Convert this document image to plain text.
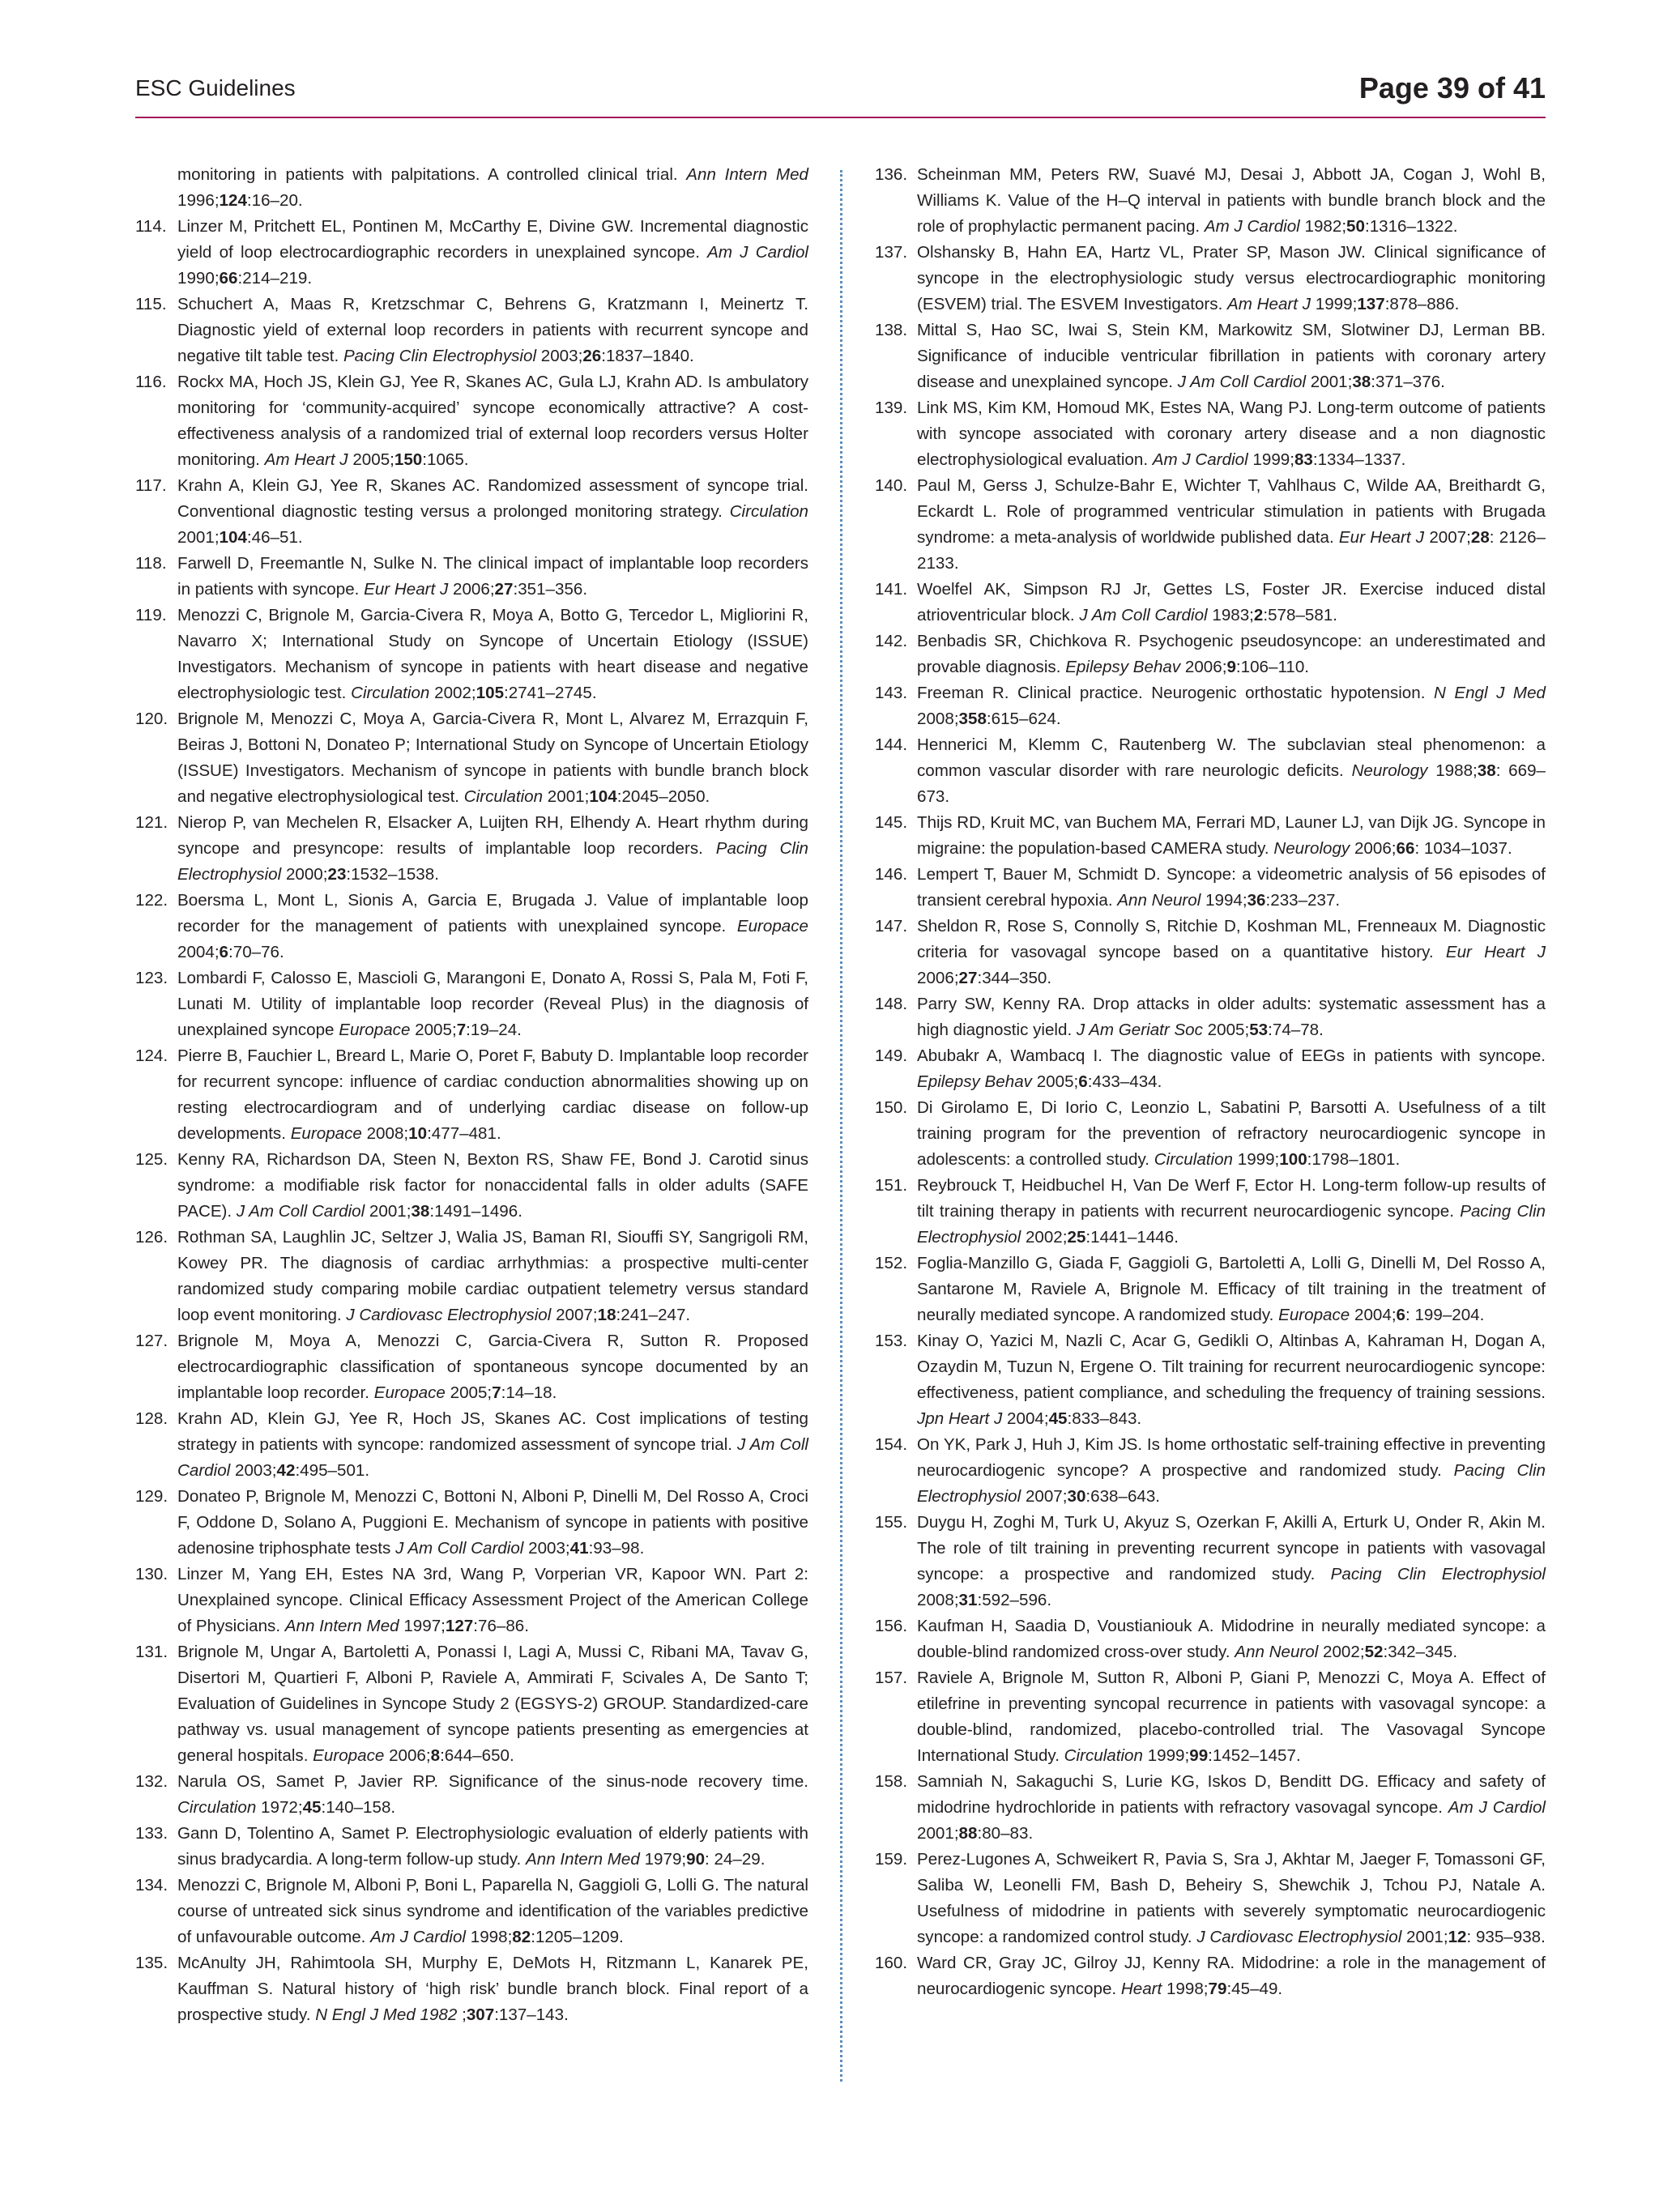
ESC Guidelines	Page 39 of 41

monitoring in patients with palpitations. A controlled clinical trial. Ann Intern Med 1996;124:16–20.

114. Linzer M, Pritchett EL, Pontinen M, McCarthy E, Divine GW. Incremental diagnostic yield of loop electrocardiographic recorders in unexplained syncope. Am J Cardiol 1990;66:214–219.

115. Schuchert A, Maas R, Kretzschmar C, Behrens G, Kratzmann I, Meinertz T. Diagnostic yield of external loop recorders in patients with recurrent syncope and negative tilt table test. Pacing Clin Electrophysiol 2003;26:1837–1840.

116. Rockx MA, Hoch JS, Klein GJ, Yee R, Skanes AC, Gula LJ, Krahn AD. Is ambulatory monitoring for ‘community-acquired’ syncope economically attractive? A cost-effectiveness analysis of a randomized trial of external loop recorders versus Holter monitoring. Am Heart J 2005;150:1065.

117. Krahn A, Klein GJ, Yee R, Skanes AC. Randomized assessment of syncope trial. Conventional diagnostic testing versus a prolonged monitoring strategy. Circulation 2001;104:46–51.

118. Farwell D, Freemantle N, Sulke N. The clinical impact of implantable loop recorders in patients with syncope. Eur Heart J 2006;27:351–356.

119. Menozzi C, Brignole M, Garcia-Civera R, Moya A, Botto G, Tercedor L, Migliorini R, Navarro X; International Study on Syncope of Uncertain Etiology (ISSUE) Investigators. Mechanism of syncope in patients with heart disease and negative electrophysiologic test. Circulation 2002;105:2741–2745.

120. Brignole M, Menozzi C, Moya A, Garcia-Civera R, Mont L, Alvarez M, Errazquin F, Beiras J, Bottoni N, Donateo P; International Study on Syncope of Uncertain Etiology (ISSUE) Investigators. Mechanism of syncope in patients with bundle branch block and negative electrophysiological test. Circulation 2001;104:2045–2050.

121. Nierop P, van Mechelen R, Elsacker A, Luijten RH, Elhendy A. Heart rhythm during syncope and presyncope: results of implantable loop recorders. Pacing Clin Electrophysiol 2000;23:1532–1538.

122. Boersma L, Mont L, Sionis A, Garcia E, Brugada J. Value of implantable loop recorder for the management of patients with unexplained syncope. Europace 2004;6:70–76.

123. Lombardi F, Calosso E, Mascioli G, Marangoni E, Donato A, Rossi S, Pala M, Foti F, Lunati M. Utility of implantable loop recorder (Reveal Plus) in the diagnosis of unexplained syncope Europace 2005;7:19–24.

124. Pierre B, Fauchier L, Breard L, Marie O, Poret F, Babuty D. Implantable loop recorder for recurrent syncope: influence of cardiac conduction abnormalities showing up on resting electrocardiogram and of underlying cardiac disease on follow-up developments. Europace 2008;10:477–481.

125. Kenny RA, Richardson DA, Steen N, Bexton RS, Shaw FE, Bond J. Carotid sinus syndrome: a modifiable risk factor for nonaccidental falls in older adults (SAFE PACE). J Am Coll Cardiol 2001;38:1491–1496.

126. Rothman SA, Laughlin JC, Seltzer J, Walia JS, Baman RI, Siouffi SY, Sangrigoli RM, Kowey PR. The diagnosis of cardiac arrhythmias: a prospective multi-center randomized study comparing mobile cardiac outpatient telemetry versus standard loop event monitoring. J Cardiovasc Electrophysiol 2007;18:241–247.

127. Brignole M, Moya A, Menozzi C, Garcia-Civera R, Sutton R. Proposed electrocardiographic classification of spontaneous syncope documented by an implantable loop recorder. Europace 2005;7:14–18.

128. Krahn AD, Klein GJ, Yee R, Hoch JS, Skanes AC. Cost implications of testing strategy in patients with syncope: randomized assessment of syncope trial. J Am Coll Cardiol 2003;42:495–501.

129. Donateo P, Brignole M, Menozzi C, Bottoni N, Alboni P, Dinelli M, Del Rosso A, Croci F, Oddone D, Solano A, Puggioni E. Mechanism of syncope in patients with positive adenosine triphosphate tests J Am Coll Cardiol 2003;41:93–98.

130. Linzer M, Yang EH, Estes NA 3rd, Wang P, Vorperian VR, Kapoor WN. Part 2: Unexplained syncope. Clinical Efficacy Assessment Project of the American College of Physicians. Ann Intern Med 1997;127:76–86.

131. Brignole M, Ungar A, Bartoletti A, Ponassi I, Lagi A, Mussi C, Ribani MA, Tavav G, Disertori M, Quartieri F, Alboni P, Raviele A, Ammirati F, Scivales A, De Santo T; Evaluation of Guidelines in Syncope Study 2 (EGSYS-2) GROUP. Standardized-care pathway vs. usual management of syncope patients presenting as emergencies at general hospitals. Europace 2006;8:644–650.

132. Narula OS, Samet P, Javier RP. Significance of the sinus-node recovery time. Circulation 1972;45:140–158.

133. Gann D, Tolentino A, Samet P. Electrophysiologic evaluation of elderly patients with sinus bradycardia. A long-term follow-up study. Ann Intern Med 1979;90: 24–29.

134. Menozzi C, Brignole M, Alboni P, Boni L, Paparella N, Gaggioli G, Lolli G. The natural course of untreated sick sinus syndrome and identification of the variables predictive of unfavourable outcome. Am J Cardiol 1998;82:1205–1209.

135. McAnulty JH, Rahimtoola SH, Murphy E, DeMots H, Ritzmann L, Kanarek PE, Kauffman S. Natural history of ‘high risk’ bundle branch block. Final report of a prospective study. N Engl J Med 1982 ;307:137–143.

136. Scheinman MM, Peters RW, Suavé MJ, Desai J, Abbott JA, Cogan J, Wohl B, Williams K. Value of the H–Q interval in patients with bundle branch block and the role of prophylactic permanent pacing. Am J Cardiol 1982;50:1316–1322.

137. Olshansky B, Hahn EA, Hartz VL, Prater SP, Mason JW. Clinical significance of syncope in the electrophysiologic study versus electrocardiographic monitoring (ESVEM) trial. The ESVEM Investigators. Am Heart J 1999;137:878–886.

138. Mittal S, Hao SC, Iwai S, Stein KM, Markowitz SM, Slotwiner DJ, Lerman BB. Significance of inducible ventricular fibrillation in patients with coronary artery disease and unexplained syncope. J Am Coll Cardiol 2001;38:371–376.

139. Link MS, Kim KM, Homoud MK, Estes NA, Wang PJ. Long-term outcome of patients with syncope associated with coronary artery disease and a non diagnostic electrophysiological evaluation. Am J Cardiol 1999;83:1334–1337.

140. Paul M, Gerss J, Schulze-Bahr E, Wichter T, Vahlhaus C, Wilde AA, Breithardt G, Eckardt L. Role of programmed ventricular stimulation in patients with Brugada syndrome: a meta-analysis of worldwide published data. Eur Heart J 2007;28: 2126–2133.

141. Woelfel AK, Simpson RJ Jr, Gettes LS, Foster JR. Exercise induced distal atrioventricular block. J Am Coll Cardiol 1983;2:578–581.

142. Benbadis SR, Chichkova R. Psychogenic pseudosyncope: an underestimated and provable diagnosis. Epilepsy Behav 2006;9:106–110.

143. Freeman R. Clinical practice. Neurogenic orthostatic hypotension. N Engl J Med 2008;358:615–624.

144. Hennerici M, Klemm C, Rautenberg W. The subclavian steal phenomenon: a common vascular disorder with rare neurologic deficits. Neurology 1988;38: 669–673.

145. Thijs RD, Kruit MC, van Buchem MA, Ferrari MD, Launer LJ, van Dijk JG. Syncope in migraine: the population-based CAMERA study. Neurology 2006;66: 1034–1037.

146. Lempert T, Bauer M, Schmidt D. Syncope: a videometric analysis of 56 episodes of transient cerebral hypoxia. Ann Neurol 1994;36:233–237.

147. Sheldon R, Rose S, Connolly S, Ritchie D, Koshman ML, Frenneaux M. Diagnostic criteria for vasovagal syncope based on a quantitative history. Eur Heart J 2006;27:344–350.

148. Parry SW, Kenny RA. Drop attacks in older adults: systematic assessment has a high diagnostic yield. J Am Geriatr Soc 2005;53:74–78.

149. Abubakr A, Wambacq I. The diagnostic value of EEGs in patients with syncope. Epilepsy Behav 2005;6:433–434.

150. Di Girolamo E, Di Iorio C, Leonzio L, Sabatini P, Barsotti A. Usefulness of a tilt training program for the prevention of refractory neurocardiogenic syncope in adolescents: a controlled study. Circulation 1999;100:1798–1801.

151. Reybrouck T, Heidbuchel H, Van De Werf F, Ector H. Long-term follow-up results of tilt training therapy in patients with recurrent neurocardiogenic syncope. Pacing Clin Electrophysiol 2002;25:1441–1446.

152. Foglia-Manzillo G, Giada F, Gaggioli G, Bartoletti A, Lolli G, Dinelli M, Del Rosso A, Santarone M, Raviele A, Brignole M. Efficacy of tilt training in the treatment of neurally mediated syncope. A randomized study. Europace 2004;6: 199–204.

153. Kinay O, Yazici M, Nazli C, Acar G, Gedikli O, Altinbas A, Kahraman H, Dogan A, Ozaydin M, Tuzun N, Ergene O. Tilt training for recurrent neurocardiogenic syncope: effectiveness, patient compliance, and scheduling the frequency of training sessions. Jpn Heart J 2004;45:833–843.

154. On YK, Park J, Huh J, Kim JS. Is home orthostatic self-training effective in preventing neurocardiogenic syncope? A prospective and randomized study. Pacing Clin Electrophysiol 2007;30:638–643.

155. Duygu H, Zoghi M, Turk U, Akyuz S, Ozerkan F, Akilli A, Erturk U, Onder R, Akin M. The role of tilt training in preventing recurrent syncope in patients with vasovagal syncope: a prospective and randomized study. Pacing Clin Electrophysiol 2008;31:592–596.

156. Kaufman H, Saadia D, Voustianiouk A. Midodrine in neurally mediated syncope: a double-blind randomized cross-over study. Ann Neurol 2002;52:342–345.

157. Raviele A, Brignole M, Sutton R, Alboni P, Giani P, Menozzi C, Moya A. Effect of etilefrine in preventing syncopal recurrence in patients with vasovagal syncope: a double-blind, randomized, placebo-controlled trial. The Vasovagal Syncope International Study. Circulation 1999;99:1452–1457.

158. Samniah N, Sakaguchi S, Lurie KG, Iskos D, Benditt DG. Efficacy and safety of midodrine hydrochloride in patients with refractory vasovagal syncope. Am J Cardiol 2001;88:80–83.

159. Perez-Lugones A, Schweikert R, Pavia S, Sra J, Akhtar M, Jaeger F, Tomassoni GF, Saliba W, Leonelli FM, Bash D, Beheiry S, Shewchik J, Tchou PJ, Natale A. Usefulness of midodrine in patients with severely symptomatic neurocardiogenic syncope: a randomized control study. J Cardiovasc Electrophysiol 2001;12: 935–938.

160. Ward CR, Gray JC, Gilroy JJ, Kenny RA. Midodrine: a role in the management of neurocardiogenic syncope. Heart 1998;79:45–49.
